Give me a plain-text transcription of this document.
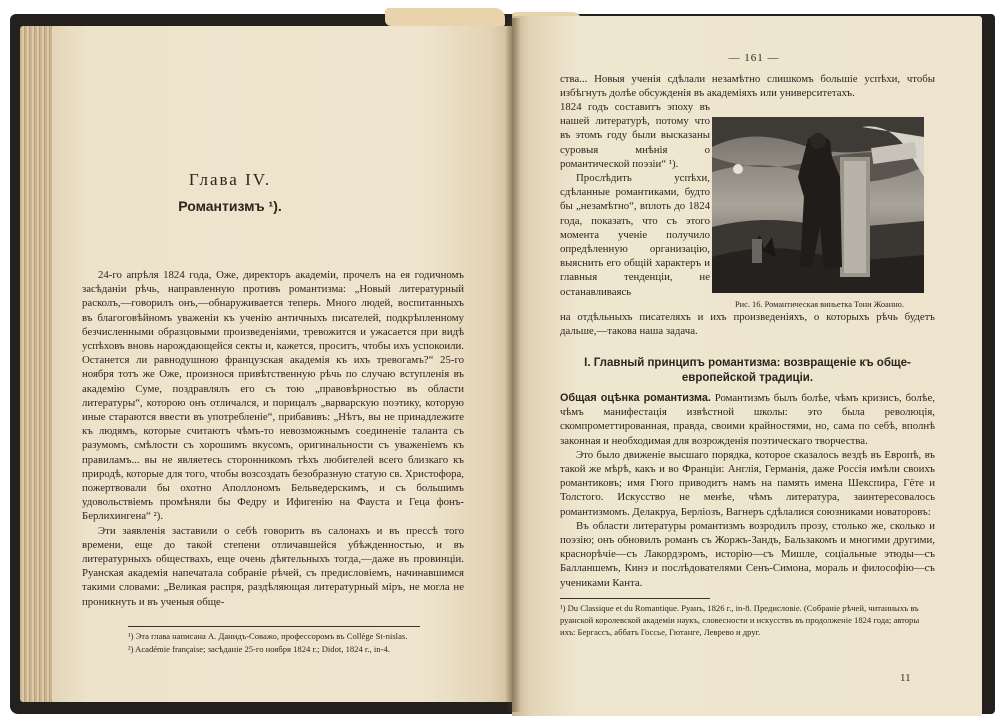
Глава IV.
Романтизмъ ¹).

24-го апрѣля 1824 года, Оже, директоръ академіи, прочелъ на ея годичномъ засѣданіи рѣчь, направленную противъ романтизма: „Новый литературный расколъ,—говорилъ онъ,—обнаруживается теперь. Много людей, воспитанныхъ въ благоговѣйномъ уваженіи къ ученію античныхъ писателей, подкрѣпленному безчисленными образцовыми произведеніями, тревожится и ужасается при видѣ успѣховъ вновь нарождающейся секты и, кажется, проситъ, чтобы ихъ успокоили. Останется ли равнодушною французская академія къ ихъ тревогамъ?“ 25-го ноября тотъ же Оже, произнося привѣтственную рѣчь по случаю вступленія въ академію Суме, поздравлялъ его съ тою „правовѣрностью въ области литературы“, которою онъ отличался, и порицалъ „варварскую поэтику, которую иные стараются ввести въ употребленіе“, прибавивъ: „Нѣтъ, вы не принадлежите къ людямъ, которые считаютъ чѣмъ-то невозможнымъ соединеніе таланта съ разумомъ, смѣлости съ хорошимъ вкусомъ, оригинальности съ уваженіемъ къ правиламъ... вы не являетесь сторонникомъ тѣхъ любителей всего близкаго къ природѣ, которые для того, чтобы возсоздать безобразную статую св. Христофора, пожертвовали бы охотно Аполлономъ Бельведерскимъ, и съ большимъ удовольствіемъ промѣняли бы Федру и Ифигенію на Фауста и Геца фонъ-Берлихингена“ ²).

Эти заявленія заставили о себѣ говорить въ салонахъ и въ прессѣ того времени, еще до такой степени отличавшейся убѣжденностью, и въ литературныхъ обществахъ, еще очень дѣятельныхъ тогда,—даже въ провинціи. Руанская академія напечатала собраніе рѣчей, съ предисловіемъ, начинавшимся такими словами: „Великая распря, раздѣляющая литературный міръ, не могла не проникнуть и въ ученыя обще-

¹) Эта глава написана А. Данидъ-Соважо, профессоромъ въ Collège St-nislas.
²) Académie française; засѣданіе 25-го ноября 1824 г.; Didot, 1824 г., in-4.
— 161 —

ства... Новыя ученія сдѣлали незамѣтно слишкомъ большіе успѣхи, чтобы избѣгнуть долѣе обсужденія въ академіяхъ или университетахъ.

1824 годъ составитъ эпоху въ нашей литературѣ, потому что въ этомъ году были высказаны суровыя мнѣнія о романтической поэзіи“ ¹).

Прослѣдить успѣхи, сдѣланные романтиками, будто бы „незамѣтно“, вплоть до 1824 года, показать, что съ этого момента ученіе получило опредѣленную организацію, выяснить его общій характеръ и главныя тенденціи, не останавливаясь

Рис. 16. Романтическая виньетка Тони Жоанно.

на отдѣльныхъ писателяхъ и ихъ произведеніяхъ, о которыхъ рѣчь будетъ дальше,—такова наша задача.

I. Главный принципъ романтизма: возвращеніе къ обще-европейской традиціи.

Общая оцѣнка романтизма. Романтизмъ былъ болѣе, чѣмъ кризисъ, болѣе, чѣмъ манифестація извѣстной школы: это была революція, скомпрометтированная, правда, своими крайностями, но, сама по себѣ, вполнѣ законная и необходимая для возрожденія поэтическаго творчества.

Это было движеніе высшаго порядка, которое сказалось вездѣ въ Европѣ, въ такой же мѣрѣ, какъ и во Франціи: Англія, Германія, даже Россія имѣли своихъ романтиковъ; имя Гюго приводитъ намъ на память имена Шекспира, Гёте и Толстого. Искусство не менѣе, чѣмъ литература, заинтересовалось романтизмомъ. Делакруа, Берліозъ, Вагнеръ сдѣлалися союзниками новаторовъ:

Въ области литературы романтизмъ возродилъ прозу, столько же, сколько и поэзію; онъ обновилъ романъ съ Жоржъ-Зандъ, Бальзакомъ и многими другими, краснорѣчіе—съ Лакордэромъ, исторію—съ Мишле, соціальные этюды—съ Балланшемъ, Кинэ и послѣдователями Сенъ-Симона, мораль и философію—съ учениками Канта.

¹) Du Classique et du Romantique. Руанъ, 1826 г., in-8. Предисловіе. (Собраніе рѣчей, читанныхъ въ руанской королевской академіи наукъ, словесности и искусствъ въ продолженіе 1824 года; авторы ихъ: Бергассъ, аббатъ Госсье, Гютанге, Леврево и друг.
11
